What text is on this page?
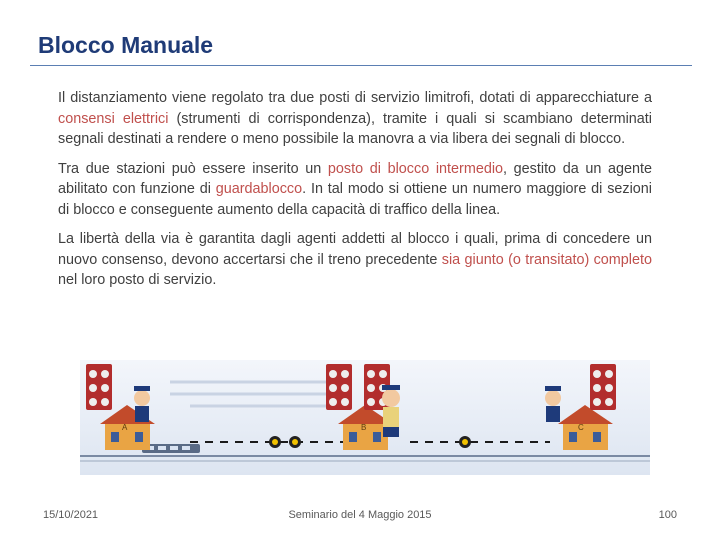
Blocco Manuale

Il distanziamento viene regolato tra due posti di servizio limitrofi, dotati di apparecchiature a consensi elettrici (strumenti di corrispondenza), tramite i quali si scambiano determinati segnali destinati a rendere o meno possibile la manovra a via libera dei segnali di blocco.

Tra due stazioni può essere inserito un posto di blocco intermedio, gestito da un agente abilitato con funzione di guardablocco. In tal modo si ottiene un numero maggiore di sezioni di blocco e conseguente aumento della capacità di traffico della linea.

La libertà della via è garantita dagli agenti addetti al blocco i quali, prima di concedere un nuovo consenso, devono accertarsi che il treno precedente sia giunto (o transitato) completo nel loro posto di servizio.

A	B	C
15/10/2021	Seminario del 4 Maggio 2015	100
